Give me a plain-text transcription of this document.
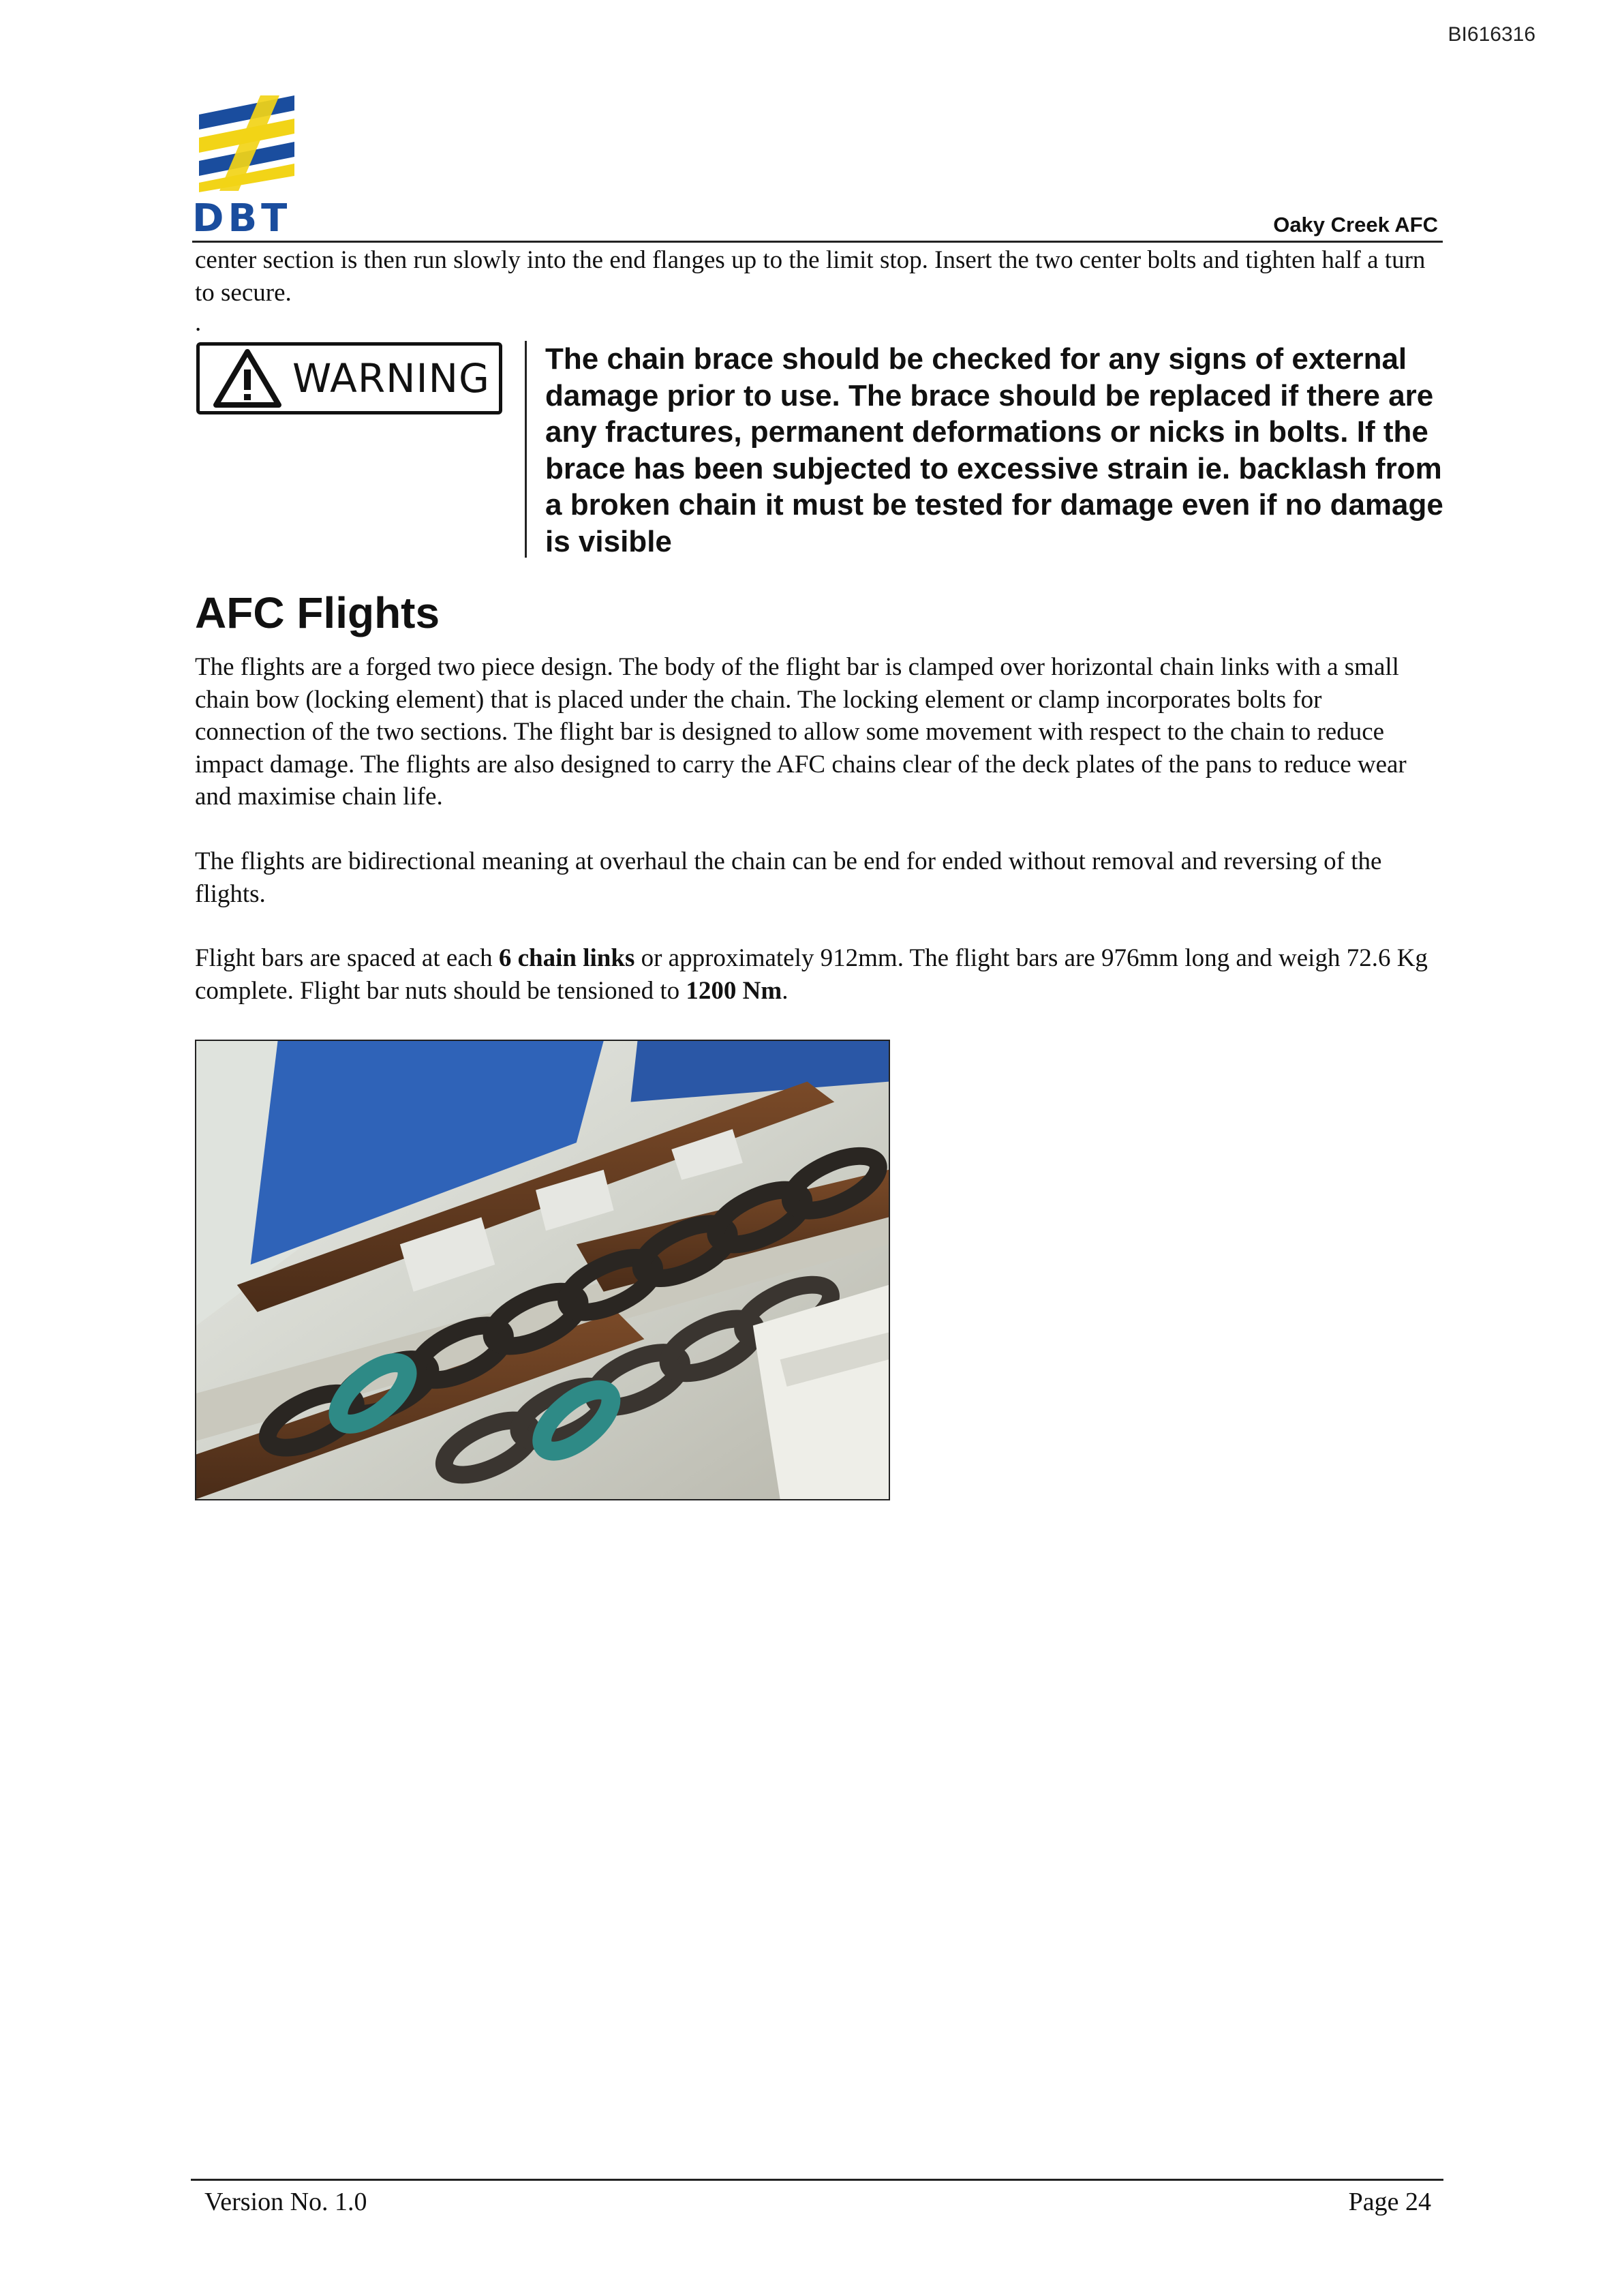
BI616316
DBT	Oaky Creek AFC
center section is then run slowly into the end flanges up to the limit stop. Insert the two center bolts and tighten half a turn to secure.
.
WARNING The chain brace should be checked for any signs of external damage prior to use. The brace should be replaced if there are any fractures, permanent deformations or nicks in bolts. If the brace has been subjected to excessive strain ie. backlash from a broken chain it must be tested for damage even if no damage is visible
AFC Flights
The flights are a forged two piece design. The body of the flight bar is clamped over horizontal chain links with a small chain bow (locking element) that is placed under the chain. The locking element or clamp incorporates bolts for connection of the two sections. The flight bar is designed to allow some movement with respect to the chain to reduce impact damage. The flights are also designed to carry the AFC chains clear of the deck plates of the pans to reduce wear and maximise chain life.
The flights are bidirectional meaning at overhaul the chain can be end for ended without removal and reversing of the flights.
Flight bars are spaced at each 6 chain links or approximately 912mm. The flight bars are 976mm long and weigh 72.6 Kg complete. Flight bar nuts should be tensioned to 1200 Nm.
Version No. 1.0	Page 24
